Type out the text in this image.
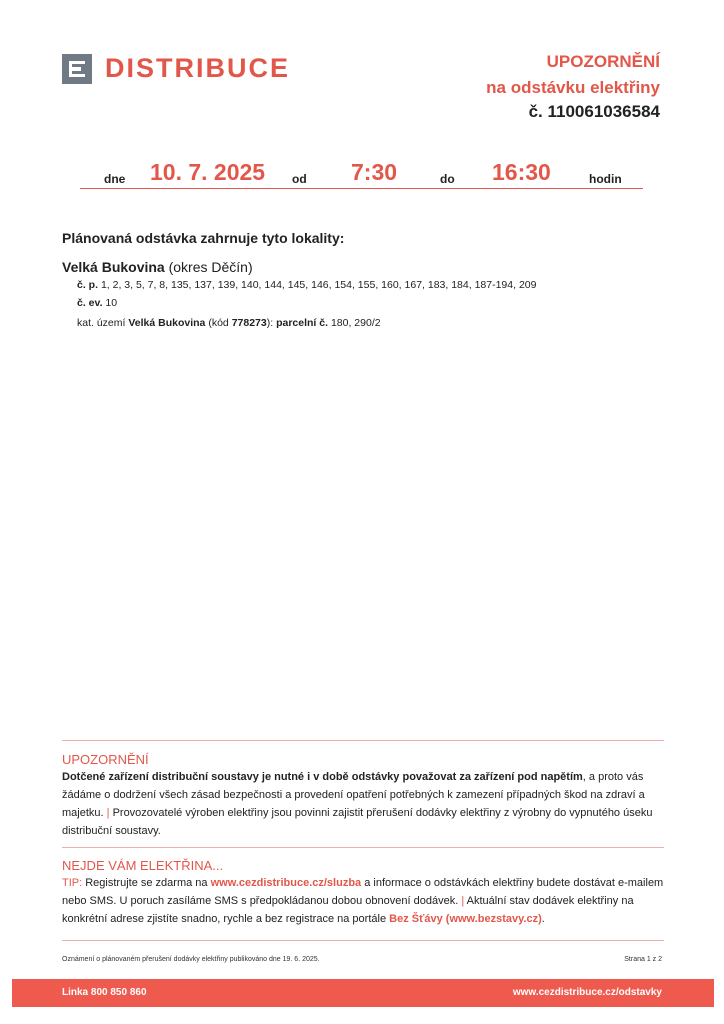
DISTRIBUCE	UPOZORNĚNÍ
na odstávku elektřiny
č. 110061036584
dne 10. 7. 2025 od 7:30	do 16:30	hodin
Plánovaná odstávka zahrnuje tyto lokality:
Velká Bukovina (okres Děčín)
č. p. 1, 2, 3, 5, 7, 8, 135, 137, 139, 140, 144, 145, 146, 154, 155, 160, 167, 183, 184, 187-194, 209
č. ev. 10
kat. území Velká Bukovina (kód 778273): parcelní č. 180, 290/2
UPOZORNĚNÍ
Dotčené zařízení distribuční soustavy je nutné i v době odstávky považovat za zařízení pod napětím, a proto vás žádáme o dodržení všech zásad bezpečnosti a provedení opatření potřebných k zamezení případných škod na zdraví a majetku. | Provozovatelé výroben elektřiny jsou povinni zajistit přerušení dodávky elektřiny z výrobny do vypnutého úseku distribuční soustavy.
NEJDE VÁM ELEKTŘINA...
TIP: Registrujte se zdarma na www.cezdistribuce.cz/sluzba a informace o odstávkách elektřiny budete dostávat e-mailem nebo SMS. U poruch zasíláme SMS s předpokládanou dobou obnovení dodávek. | Aktuální stav dodávek elektřiny na konkrétní adrese zjistíte snadno, rychle a bez registrace na portále Bez Šťávy (www.bezstavy.cz).
Oznámení o plánovaném přerušení dodávky elektřiny publikováno dne 19. 6. 2025.	Strana 1 z 2
Linka 800 850 860	www.cezdistribuce.cz/odstavky
